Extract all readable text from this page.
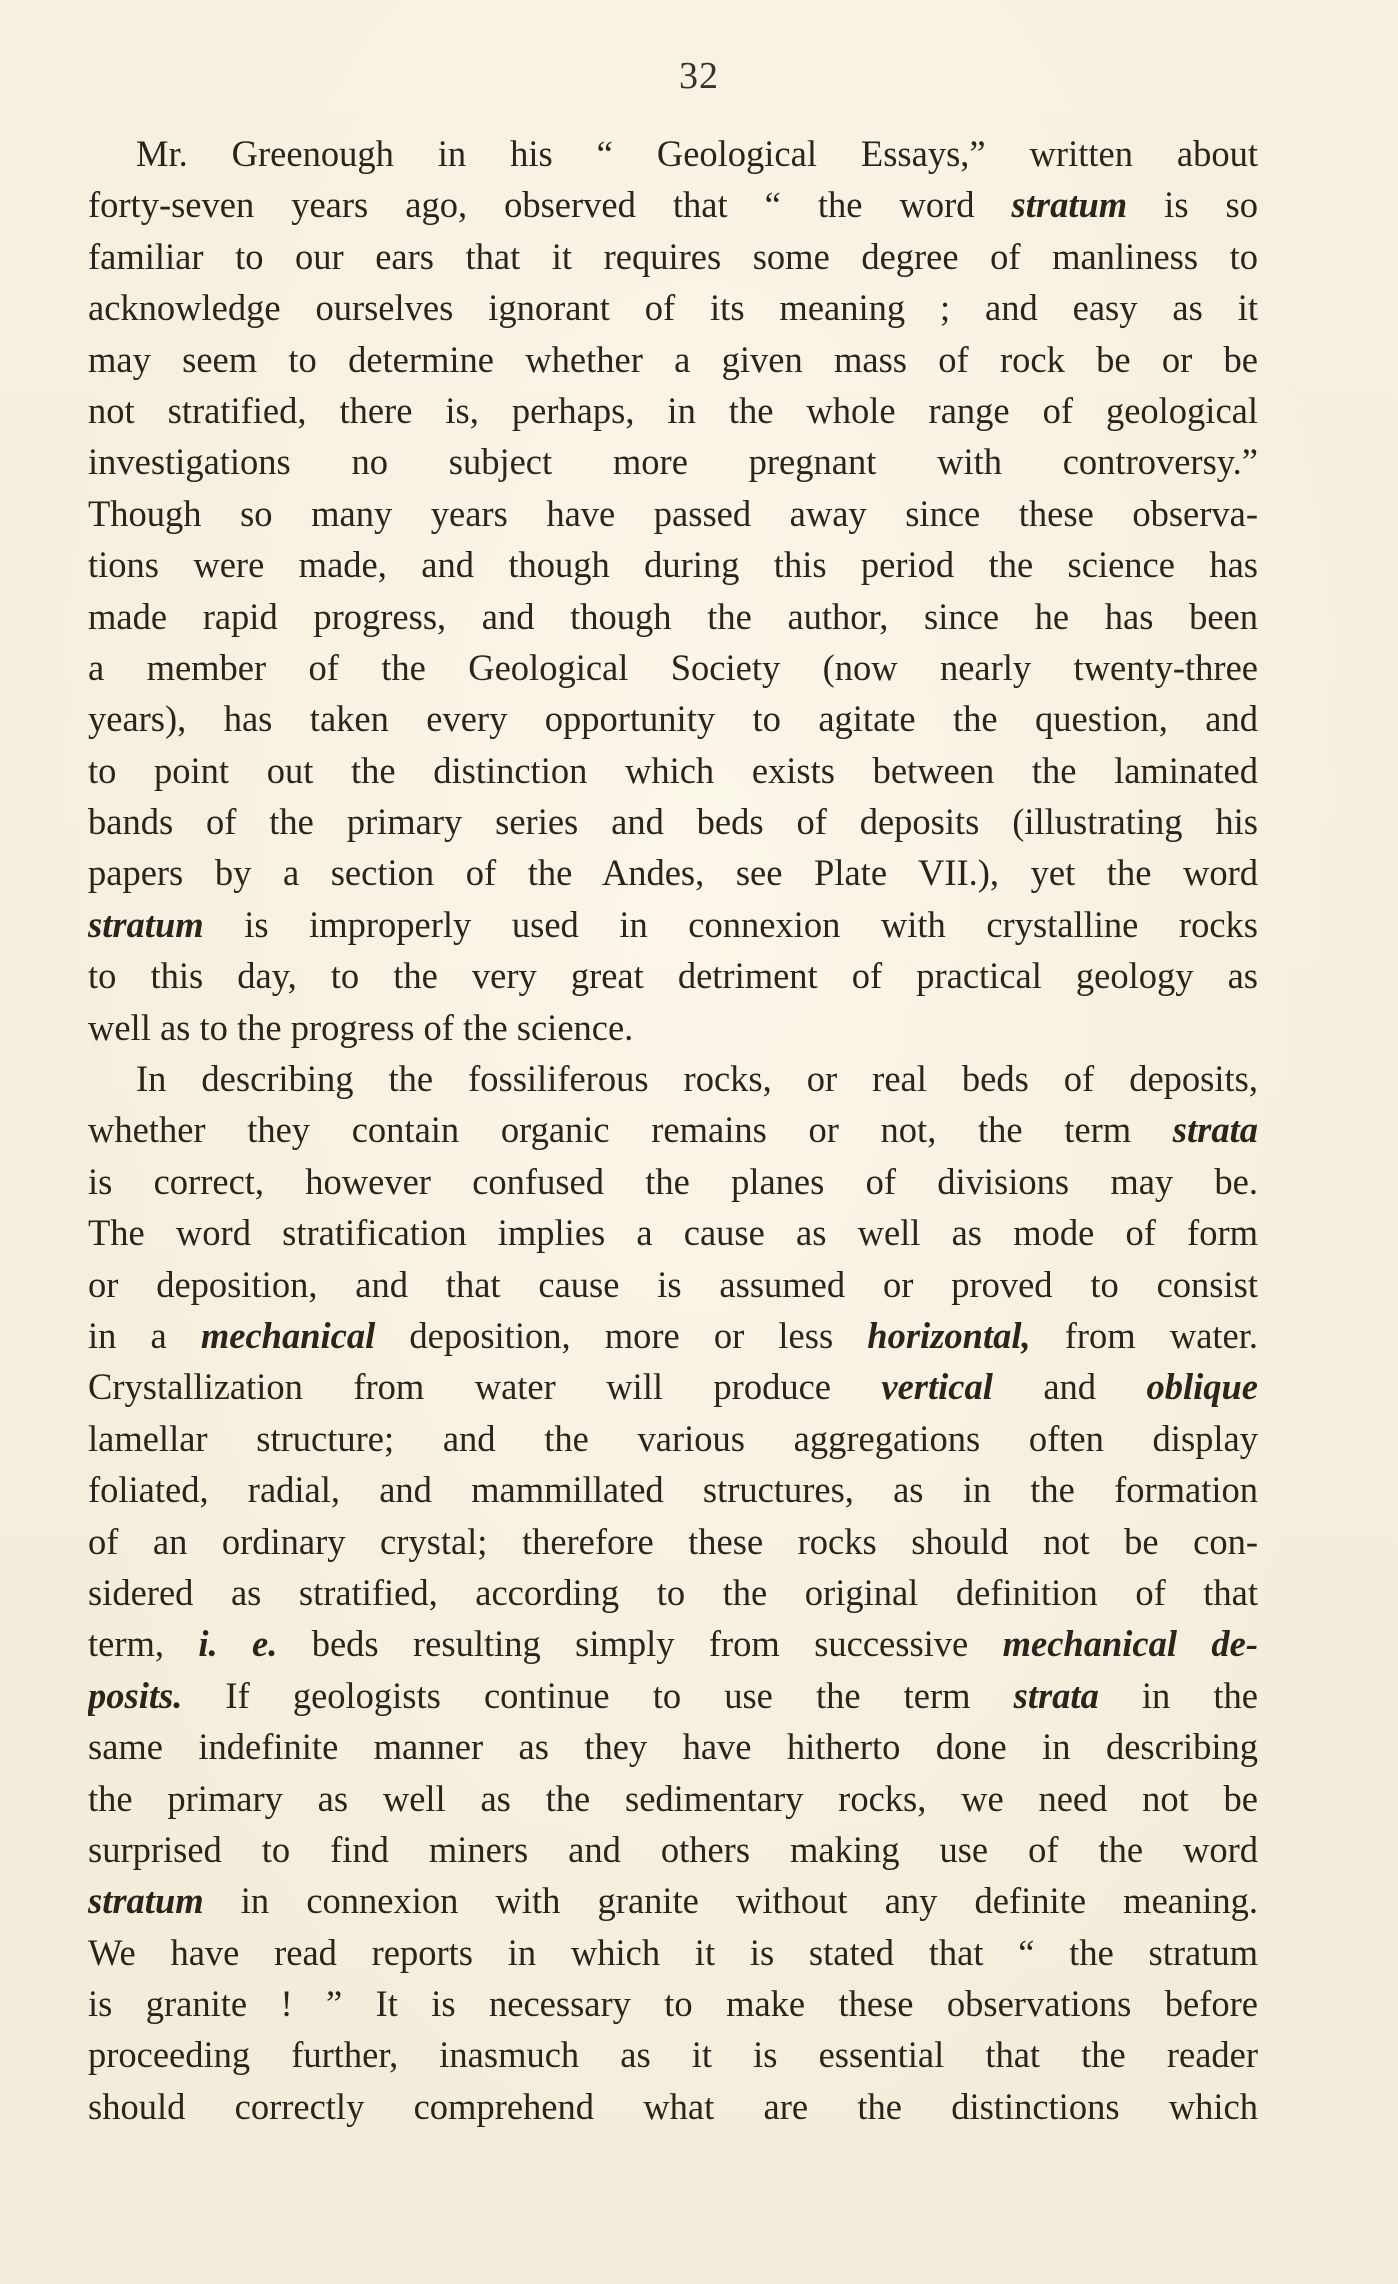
32
Mr. Greenough in his “ Geological Essays,” written about
forty-seven years ago, observed that “ the word stratum is so
familiar to our ears that it requires some degree of manliness to
acknowledge ourselves ignorant of its meaning ; and easy as it
may seem to determine whether a given mass of rock be or be
not stratified, there is, perhaps, in the whole range of geological
investigations no subject more pregnant with controversy.”
Though so many years have passed away since these observa-
tions were made, and though during this period the science has
made rapid progress, and though the author, since he has been
a member of the Geological Society (now nearly twenty-three
years), has taken every opportunity to agitate the question, and
to point out the distinction which exists between the laminated
bands of the primary series and beds of deposits (illustrating his
papers by a section of the Andes, see Plate VII.), yet the word
stratum is improperly used in connexion with crystalline rocks
to this day, to the very great detriment of practical geology as
well as to the progress of the science.
In describing the fossiliferous rocks, or real beds of deposits,
whether they contain organic remains or not, the term strata
is correct, however confused the planes of divisions may be.
The word stratification implies a cause as well as mode of form
or deposition, and that cause is assumed or proved to consist
in a mechanical deposition, more or less horizontal, from water.
Crystallization from water will produce vertical and oblique
lamellar structure; and the various aggregations often display
foliated, radial, and mammillated structures, as in the formation
of an ordinary crystal; therefore these rocks should not be con-
sidered as stratified, according to the original definition of that
term, i. e. beds resulting simply from successive mechanical de-
posits. If geologists continue to use the term strata in the
same indefinite manner as they have hitherto done in describing
the primary as well as the sedimentary rocks, we need not be
surprised to find miners and others making use of the word
stratum in connexion with granite without any definite meaning.
We have read reports in which it is stated that “ the stratum
is granite ! ” It is necessary to make these observations before
proceeding further, inasmuch as it is essential that the reader
should correctly comprehend what are the distinctions which
